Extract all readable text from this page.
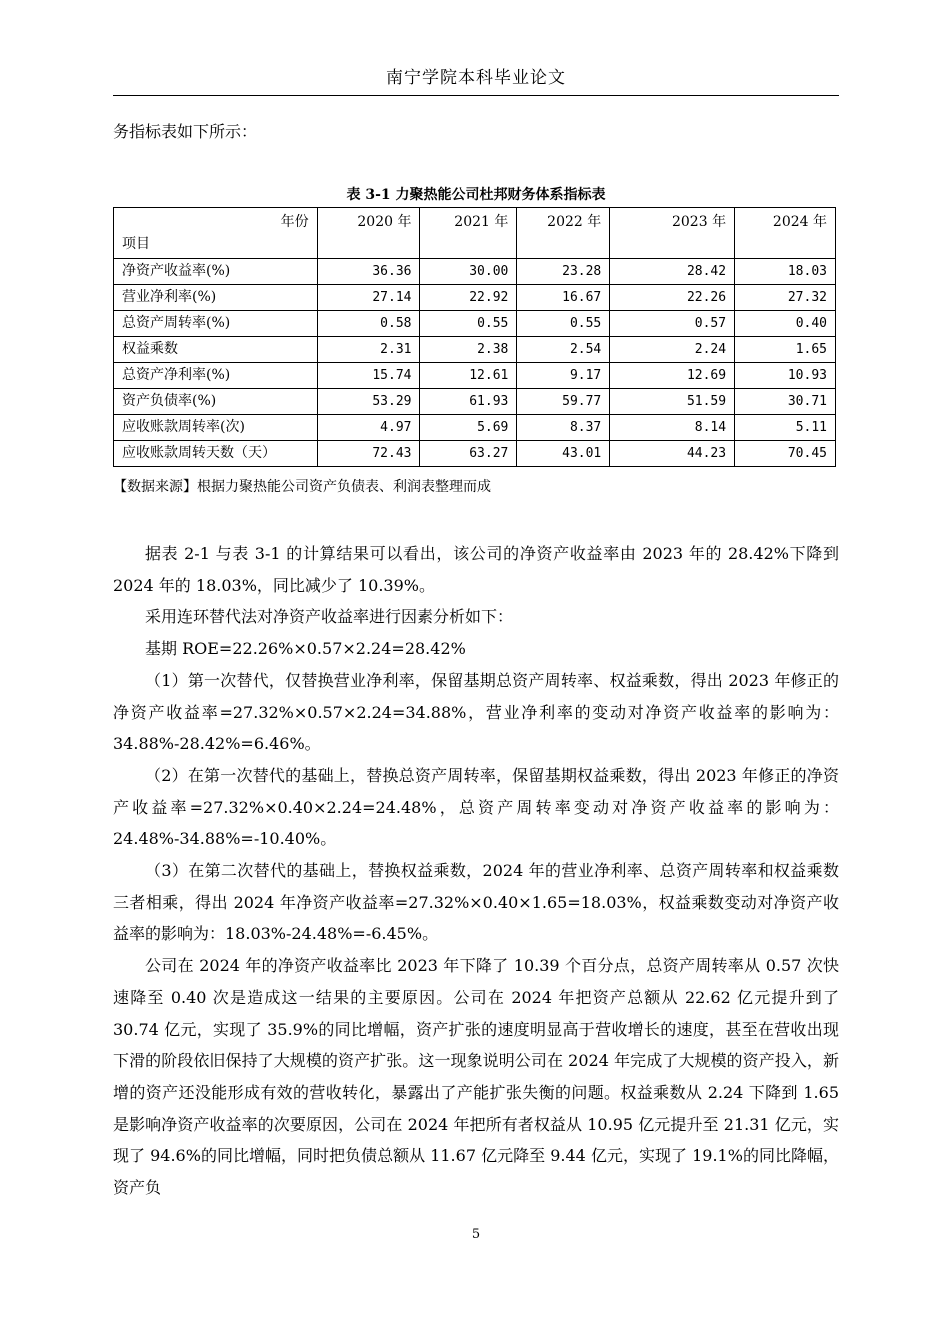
南宁学院本科毕业论文
务指标表如下所示：
表 3-1 力聚热能公司杜邦财务体系指标表
年份
项目	2020 年	2021 年	2022 年	2023 年	2024 年

净资产收益率(%)	36.36	30.00	23.28	28.42	18.03
营业净利率(%)	27.14	22.92	16.67	22.26	27.32
总资产周转率(%)	0.58	0.55	0.55	0.57	0.40
权益乘数	2.31	2.38	2.54	2.24	1.65
总资产净利率(%)	15.74	12.61	9.17	12.69	10.93
资产负债率(%)	53.29	61.93	59.77	51.59	30.71
应收账款周转率(次)	4.97	5.69	8.37	8.14	5.11
应收账款周转天数（天）	72.43	63.27	43.01	44.23	70.45
【数据来源】根据力聚热能公司资产负债表、利润表整理而成

据表 2-1 与表 3-1 的计算结果可以看出，该公司的净资产收益率由 2023 年的 28.42%下降到 2024 年的 18.03%，同比减少了 10.39%。

采用连环替代法对净资产收益率进行因素分析如下：

基期 ROE=22.26%×0.57×2.24=28.42%

（1）第一次替代，仅替换营业净利率，保留基期总资产周转率、权益乘数，得出 2023 年修正的净资产收益率=27.32%×0.57×2.24=34.88%，营业净利率的变动对净资产收益率的影响为：34.88%-28.42%=6.46%。

（2）在第一次替代的基础上，替换总资产周转率，保留基期权益乘数，得出 2023 年修正的净资产收益率=27.32%×0.40×2.24=24.48%，总资产周转率变动对净资产收益率的影响为：24.48%-34.88%=-10.40%。

（3）在第二次替代的基础上，替换权益乘数，2024 年的营业净利率、总资产周转率和权益乘数三者相乘，得出 2024 年净资产收益率=27.32%×0.40×1.65=18.03%，权益乘数变动对净资产收益率的影响为：18.03%-24.48%=-6.45%。

公司在 2024 年的净资产收益率比 2023 年下降了 10.39 个百分点，总资产周转率从 0.57 次快速降至 0.40 次是造成这一结果的主要原因。公司在 2024 年把资产总额从 22.62 亿元提升到了 30.74 亿元，实现了 35.9%的同比增幅，资产扩张的速度明显高于营收增长的速度，甚至在营收出现下滑的阶段依旧保持了大规模的资产扩张。这一现象说明公司在 2024 年完成了大规模的资产投入，新增的资产还没能形成有效的营收转化，暴露出了产能扩张失衡的问题。权益乘数从 2.24 下降到 1.65 是影响净资产收益率的次要原因，公司在 2024 年把所有者权益从 10.95 亿元提升至 21.31 亿元，实现了 94.6%的同比增幅，同时把负债总额从 11.67 亿元降至 9.44 亿元，实现了 19.1%的同比降幅，资产负

5
